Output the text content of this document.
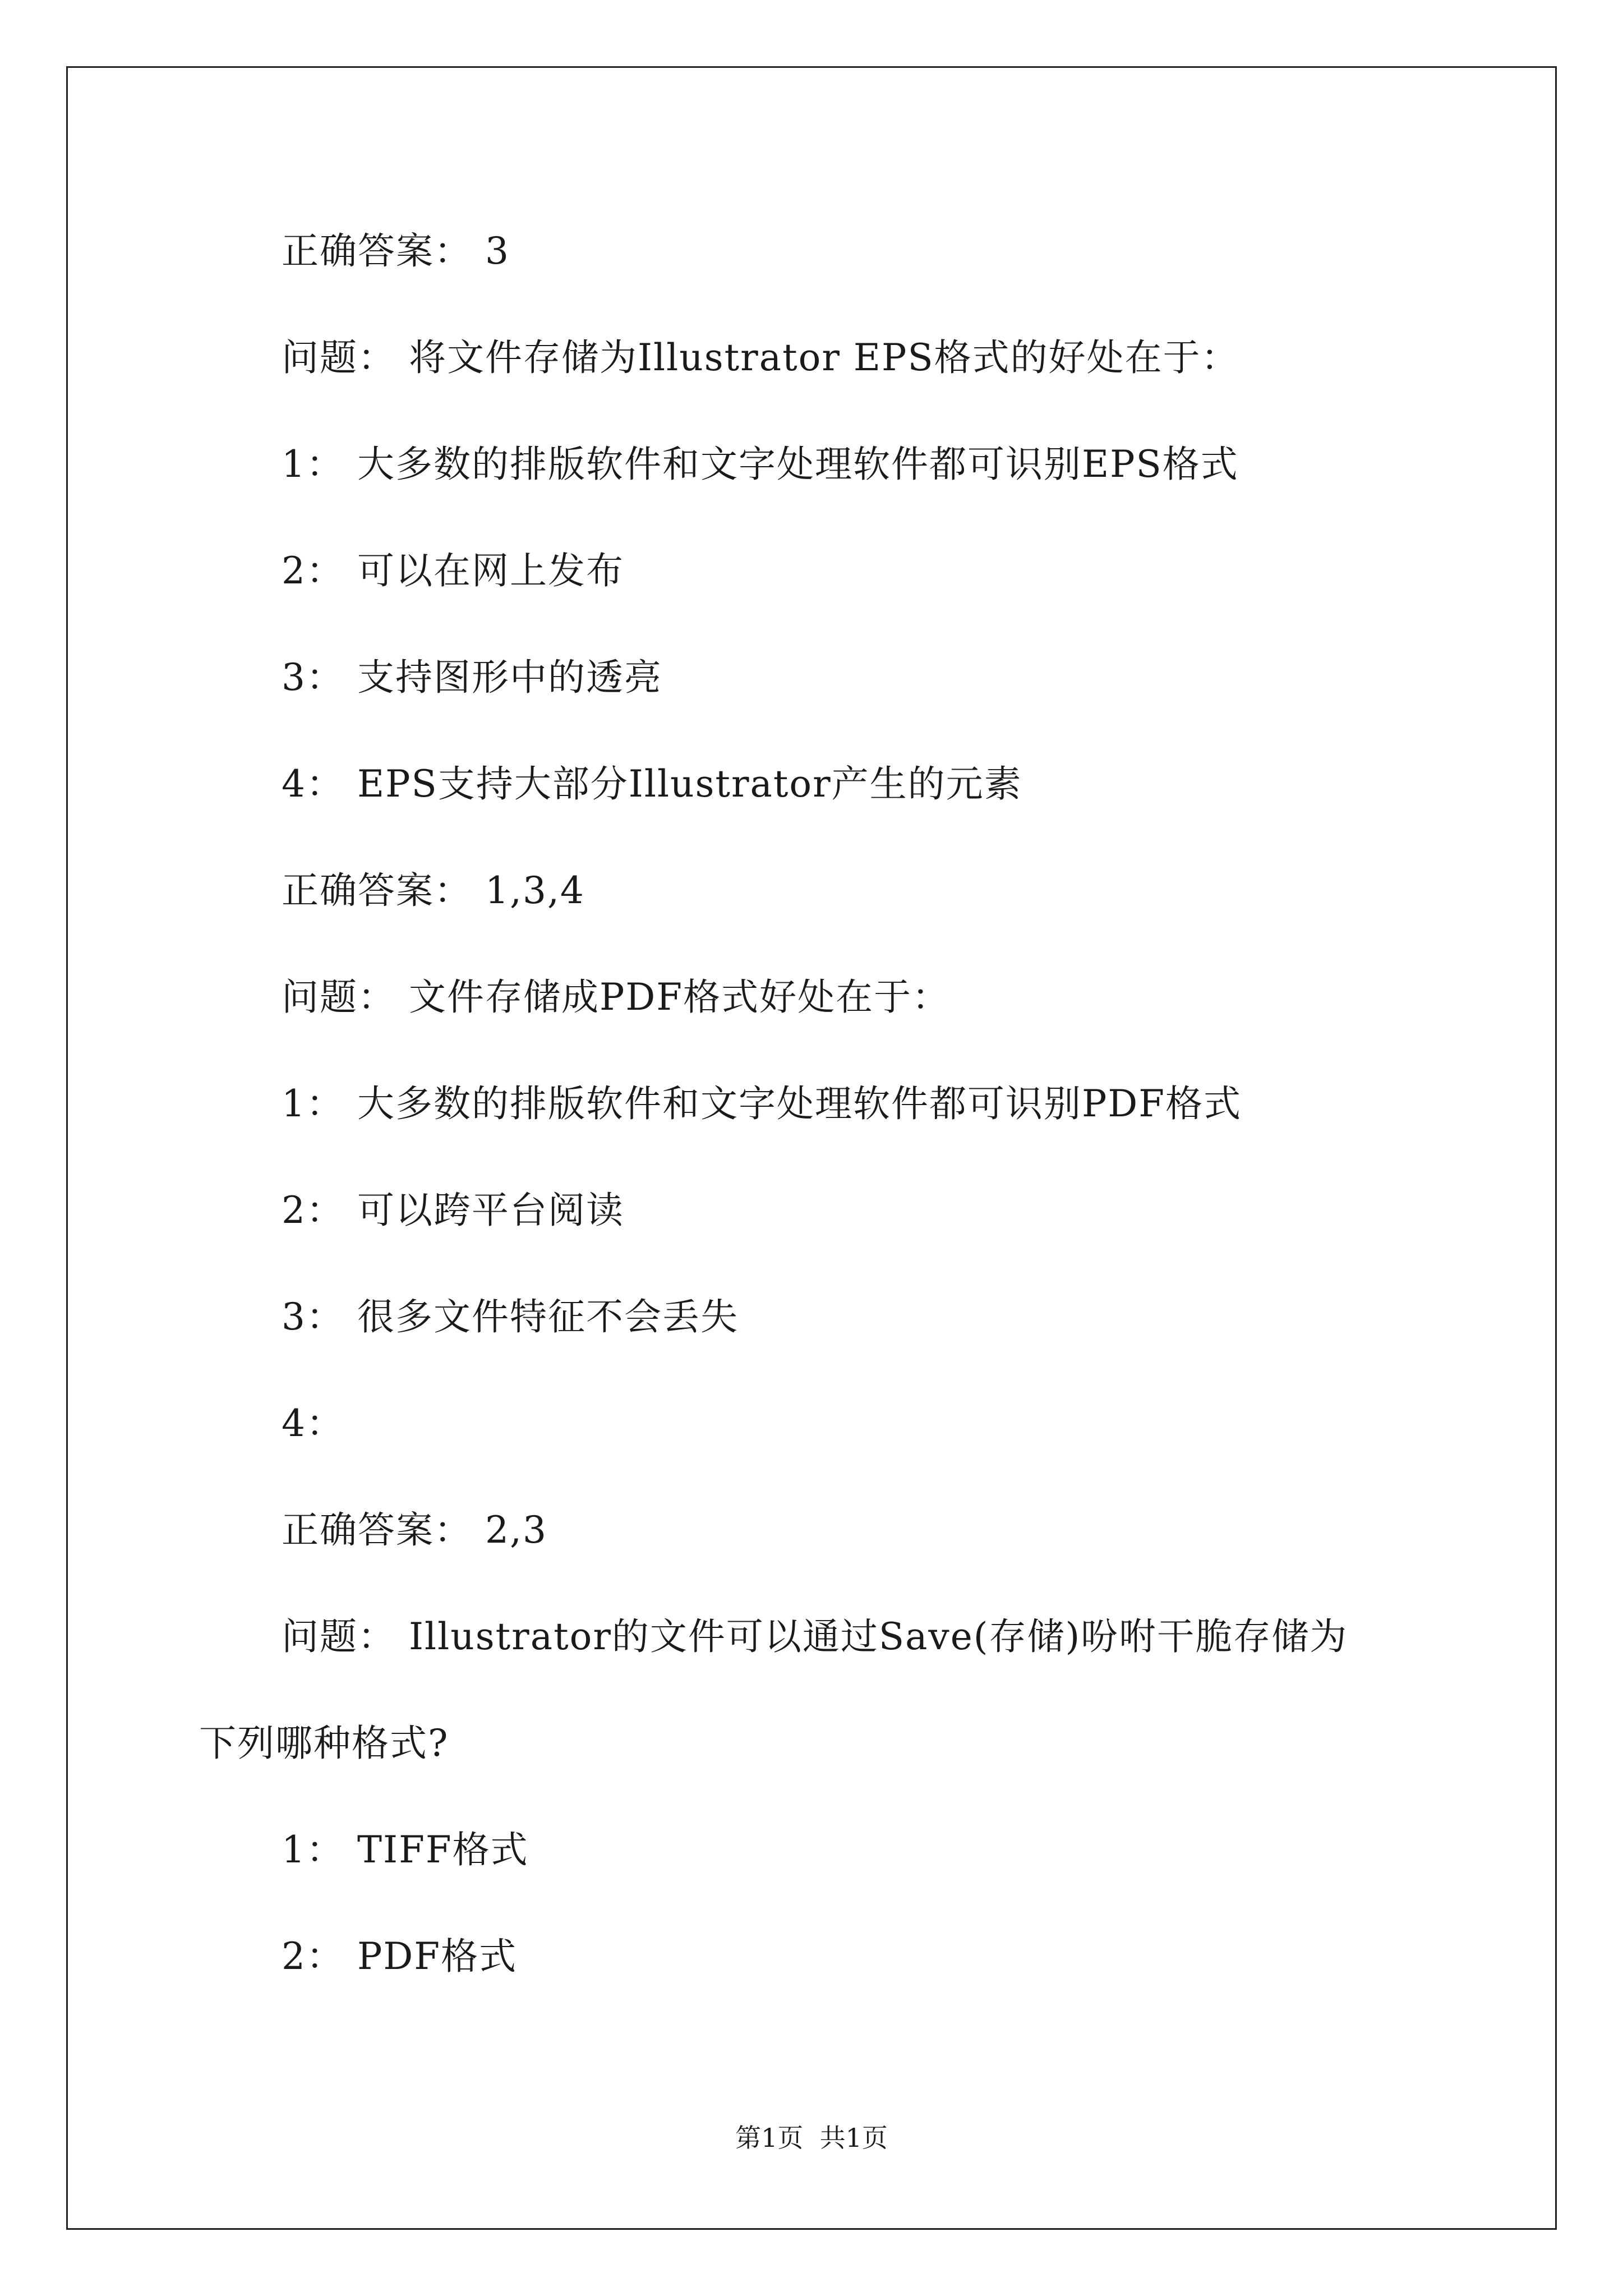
正确答案： 3
问题： 将文件存储为Illustrator EPS格式的好处在于：
1： 大多数的排版软件和文字处理软件都可识别EPS格式
2： 可以在网上发布
3： 支持图形中的透亮
4： EPS支持大部分Illustrator产生的元素
正确答案： 1,3,4
问题： 文件存储成PDF格式好处在于：
1： 大多数的排版软件和文字处理软件都可识别PDF格式
2： 可以跨平台阅读
3： 很多文件特征不会丢失
4：
正确答案： 2,3
问题： Illustrator的文件可以通过Save(存储)吩咐干脆存储为
下列哪种格式?
1： TIFF格式
2： PDF格式
第1页  共1页
